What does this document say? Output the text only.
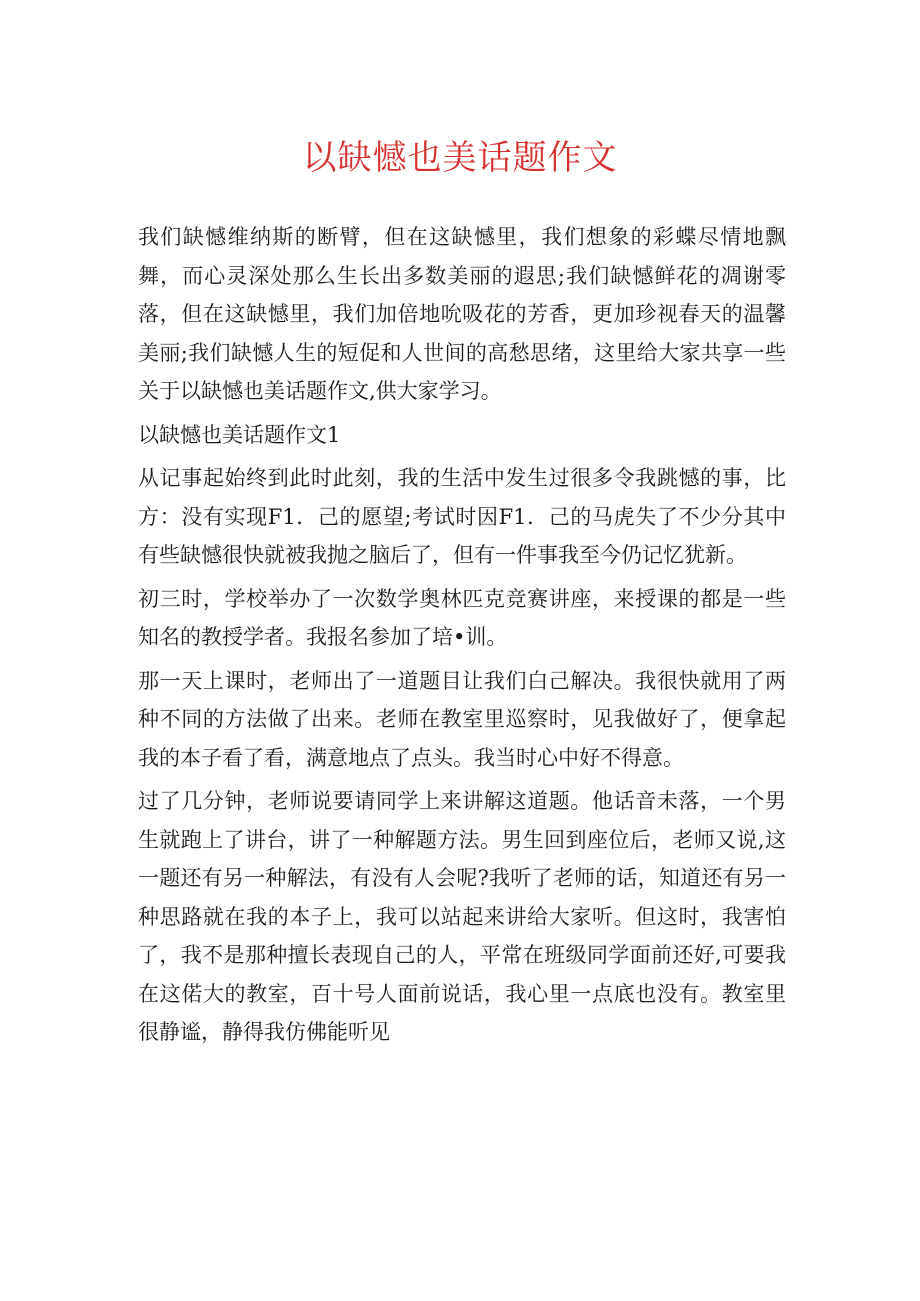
以缺憾也美话题作文

我们缺憾维纳斯的断臂，但在这缺憾里，我们想象的彩蝶尽情地飘舞，而心灵深处那么生长出多数美丽的遐思;我们缺憾鲜花的凋谢零落，但在这缺憾里，我们加倍地吮吸花的芳香，更加珍视春天的温馨美丽;我们缺憾人生的短促和人世间的高愁思绪，这里给大家共享一些关于以缺憾也美话题作文,供大家学习。

以缺憾也美话题作文1

从记事起始终到此时此刻，我的生活中发生过很多令我跳憾的事，比方：没有实现F1．己的愿望;考试时因F1．己的马虎失了不少分其中有些缺憾很快就被我抛之脑后了，但有一件事我至今仍记忆犹新。

初三时，学校举办了一次数学奥林匹克竞赛讲座，来授课的都是一些知名的教授学者。我报名参加了培•训。

那一天上课时，老师出了一道题目让我们白己解决。我很快就用了两种不同的方法做了出来。老师在教室里巡察时，见我做好了，便拿起我的本子看了看，满意地点了点头。我当时心中好不得意。

过了几分钟，老师说要请同学上来讲解这道题。他话音未落，一个男生就跑上了讲台，讲了一种解题方法。男生回到座位后，老师又说,这一题还有另一种解法，有没有人会呢?我听了老师的话，知道还有另一种思路就在我的本子上，我可以站起来讲给大家听。但这时，我害怕了，我不是那种擅长表现自己的人，平常在班级同学面前还好,可要我在这偌大的教室，百十号人面前说话，我心里一点底也没有。教室里很静谧，静得我仿佛能听见
